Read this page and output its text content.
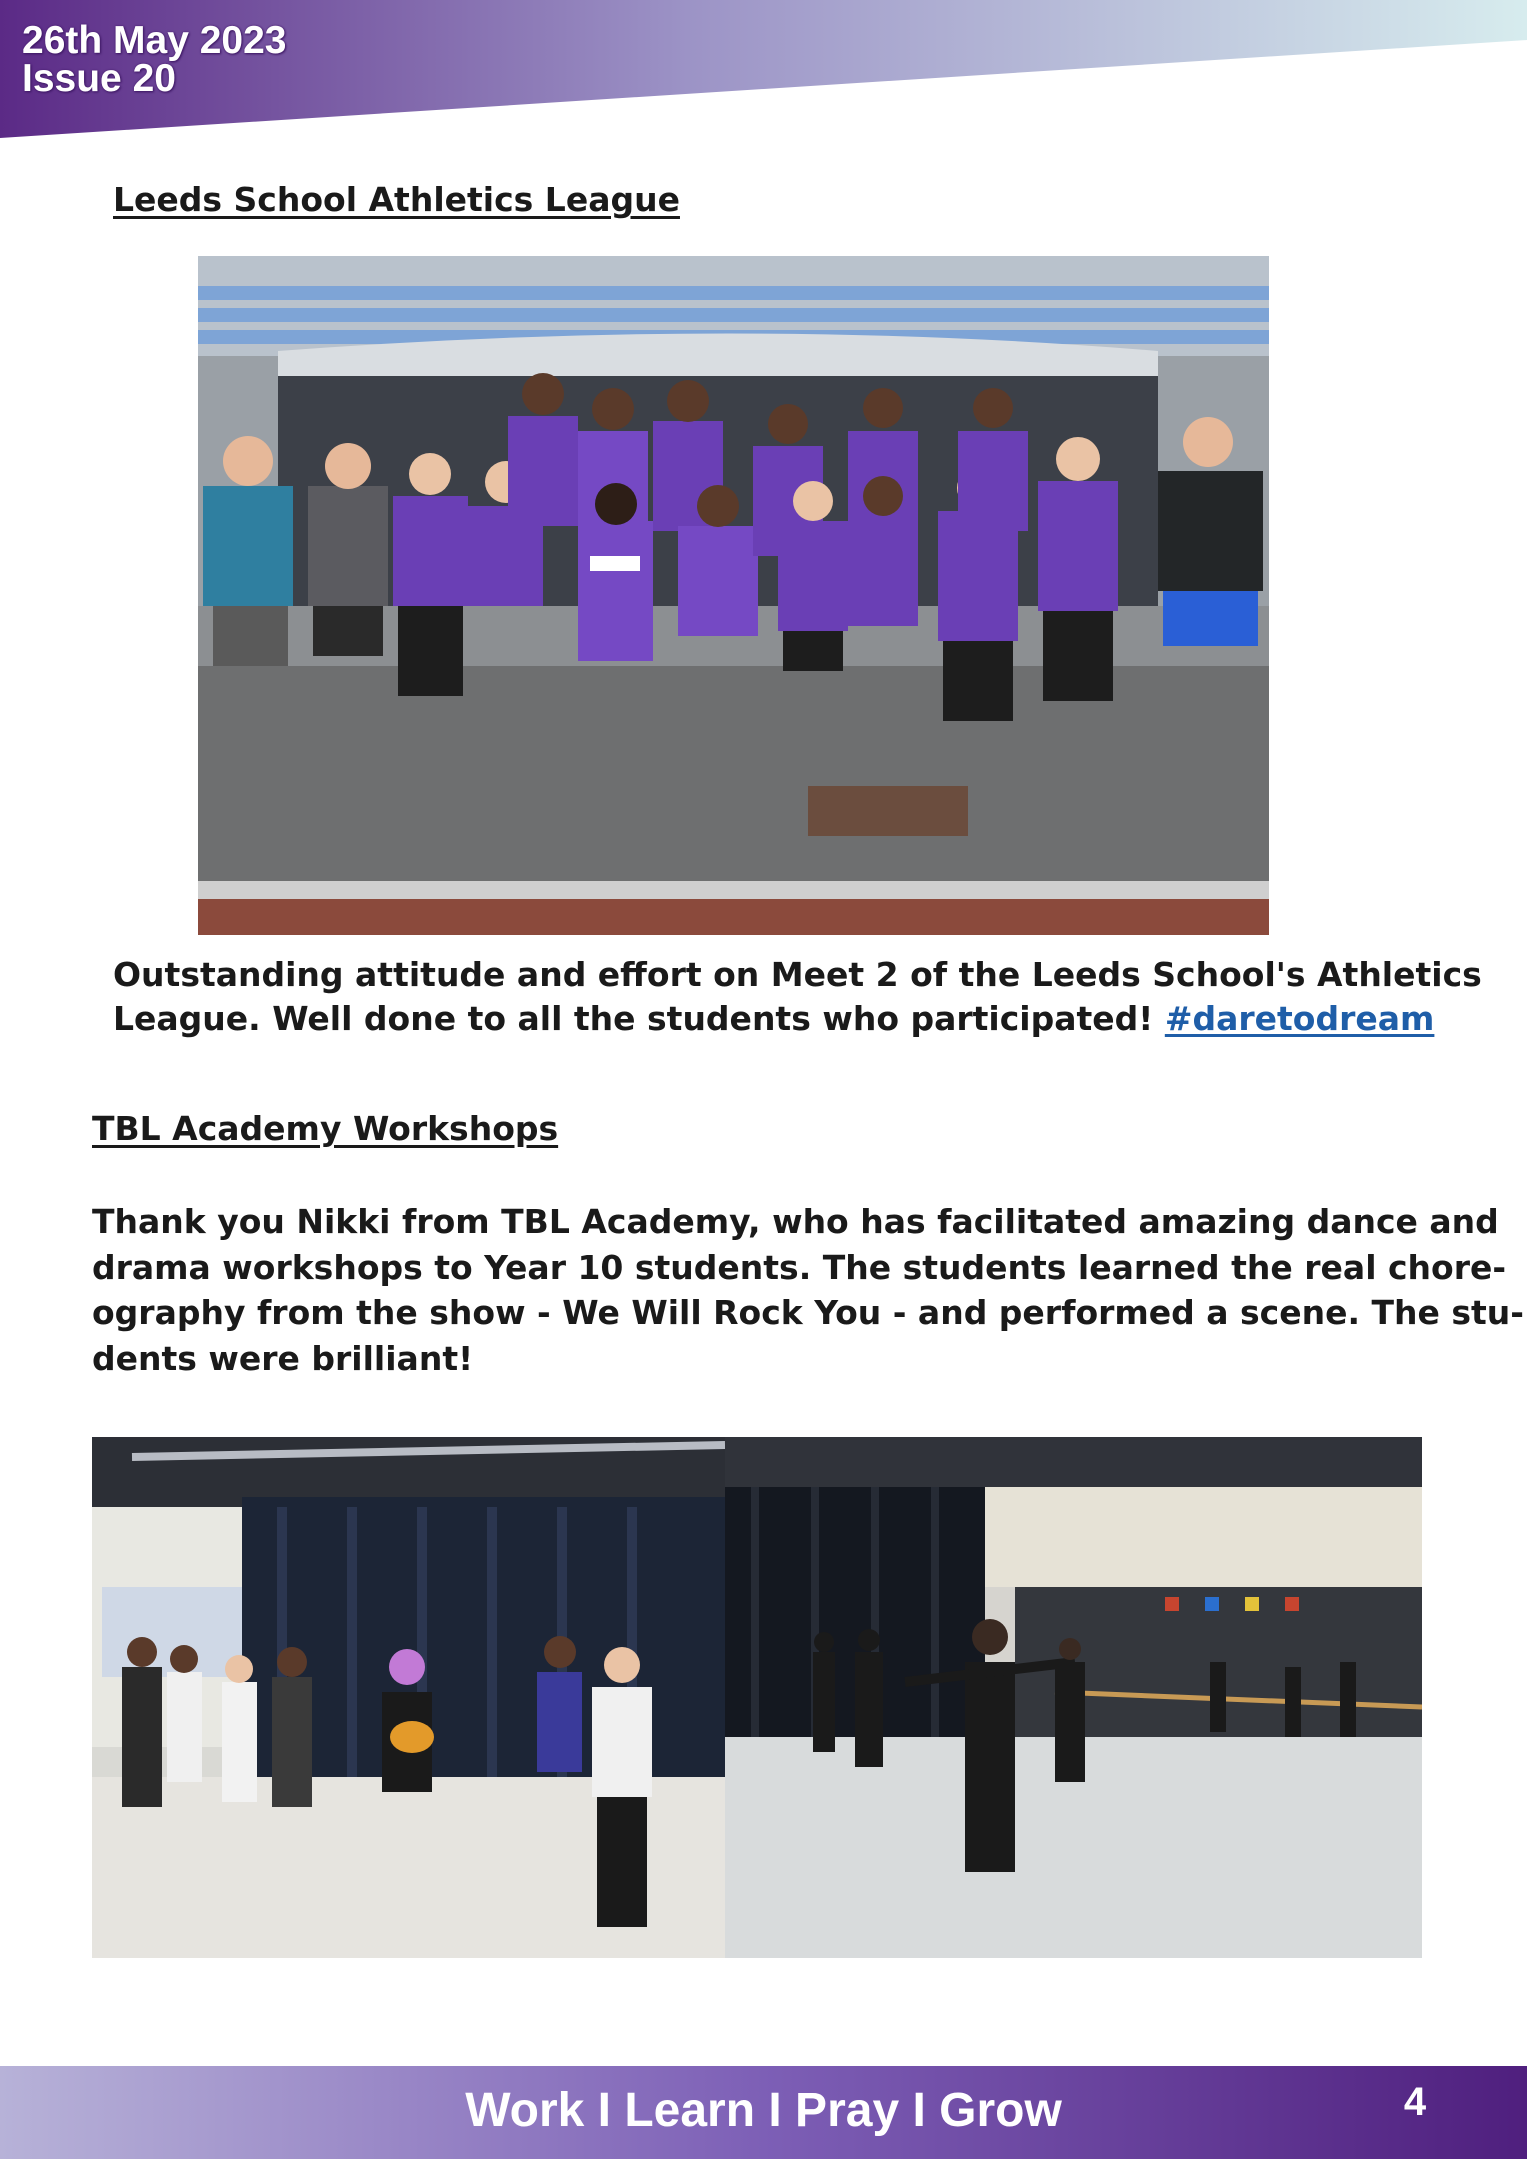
26th May 2023
Issue 20
Leeds School Athletics League
Outstanding attitude and effort on Meet 2 of the Leeds School's Athletics
League. Well done to all the students who participated! #daretodream
TBL Academy Workshops
Thank you Nikki from TBL Academy, who has facilitated amazing dance and
drama workshops to Year 10 students. The students learned the real chore-
ography from the show - We Will Rock You - and performed a scene. The stu-
dents were brilliant!
Work I Learn I Pray I Grow	4
